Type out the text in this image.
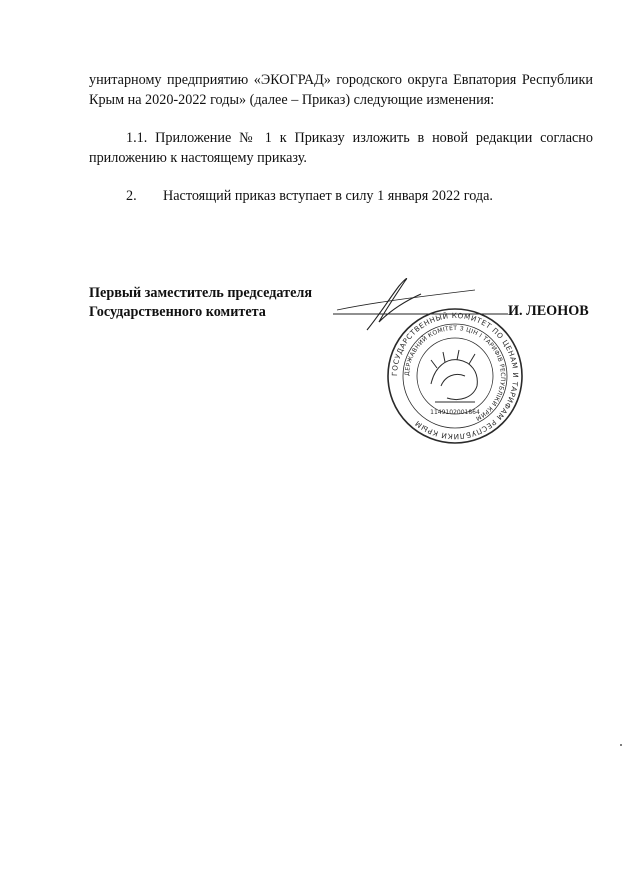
унитарному предприятию «ЭКОГРАД» городского округа Евпатория Республики Крым на 2020-2022 годы» (далее – Приказ) следующие изменения:
1.1. Приложение № 1 к Приказу изложить в новой редакции согласно приложению к настоящему приказу.
2. Настоящий приказ вступает в силу 1 января 2022 года.
Первый заместитель председателя
Государственного комитета	И. ЛЕОНОВ
ГОСУДАРСТВЕННЫЙ КОМИТЕТ ПО ЦЕНАМ И ТАРИФАМ РЕСПУБЛИКИ КРЫМ
ДЕРЖАВНИЙ КОМІТЕТ З ЦІН І ТАРИФІВ РЕСПУБЛІКИ КРИМ
1149102001864
